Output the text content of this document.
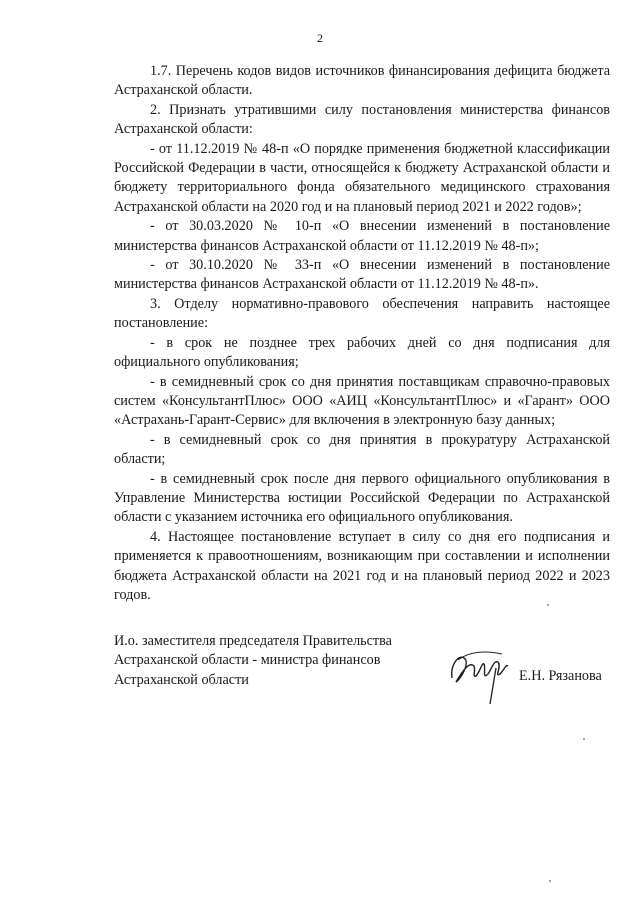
2

1.7. Перечень кодов видов источников финансирования дефицита бюджета Астраханской области.

2. Признать утратившими силу постановления министерства финансов Астраханской области:

- от 11.12.2019 № 48-п «О порядке применения бюджетной классификации Российской Федерации в части, относящейся к бюджету Астраханской области и бюджету территориального фонда обязательного медицинского страхования Астраханской области на 2020 год и на плановый период 2021 и 2022 годов»;

- от 30.03.2020 № 10-п «О внесении изменений в постановление министерства финансов Астраханской области от 11.12.2019 № 48-п»;

- от 30.10.2020 № 33-п «О внесении изменений в постановление министерства финансов Астраханской области от 11.12.2019 № 48-п».

3. Отделу нормативно-правового обеспечения направить настоящее постановление:

- в срок не позднее трех рабочих дней со дня подписания для официального опубликования;

- в семидневный срок со дня принятия поставщикам справочно-правовых систем «КонсультантПлюс» ООО «АИЦ «КонсультантПлюс» и «Гарант» ООО «Астрахань-Гарант-Сервис» для включения в электронную базу данных;

- в семидневный срок со дня принятия в прокуратуру Астраханской области;

- в семидневный срок после дня первого официального опубликования в Управление Министерства юстиции Российской Федерации по Астраханской области с указанием источника его официального опубликования.

4. Настоящее постановление вступает в силу со дня его подписания и применяется к правоотношениям, возникающим при составлении и исполнении бюджета Астраханской области на 2021 год и на плановый период 2022 и 2023 годов.

И.о. заместителя председателя Правительства
Астраханской области - министра финансов
Астраханской области	Е.Н. Рязанова
